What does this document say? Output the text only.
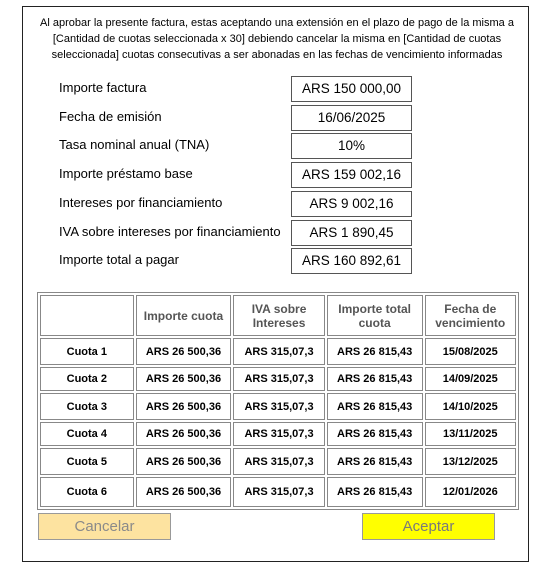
Al aprobar la presente factura, estas aceptando una extensión en el plazo de pago de la misma a [Cantidad de cuotas seleccionada x 30] debiendo cancelar la misma en [Cantidad de cuotas seleccionada] cuotas consecutivas a ser abonadas en las fechas de vencimiento informadas

Importe factura	ARS 150 000,00
Fecha de emisión	16/06/2025
Tasa nominal anual (TNA)	10%
Importe préstamo base	ARS 159 002,16
Intereses por financiamiento	ARS 9 002,16
IVA sobre intereses por financiamiento	ARS 1 890,45
Importe total a pagar	ARS 160 892,61
	Importe cuota	IVA sobre Intereses	Importe total cuota	Fecha de vencimiento
Cuota 1	ARS 26 500,36	ARS 315,07,3	ARS 26 815,43	15/08/2025
Cuota 2	ARS 26 500,36	ARS 315,07,3	ARS 26 815,43	14/09/2025
Cuota 3	ARS 26 500,36	ARS 315,07,3	ARS 26 815,43	14/10/2025
Cuota 4	ARS 26 500,36	ARS 315,07,3	ARS 26 815,43	13/11/2025
Cuota 5	ARS 26 500,36	ARS 315,07,3	ARS 26 815,43	13/12/2025
Cuota 6	ARS 26 500,36	ARS 315,07,3	ARS 26 815,43	12/01/2026
Cancelar	Aceptar
